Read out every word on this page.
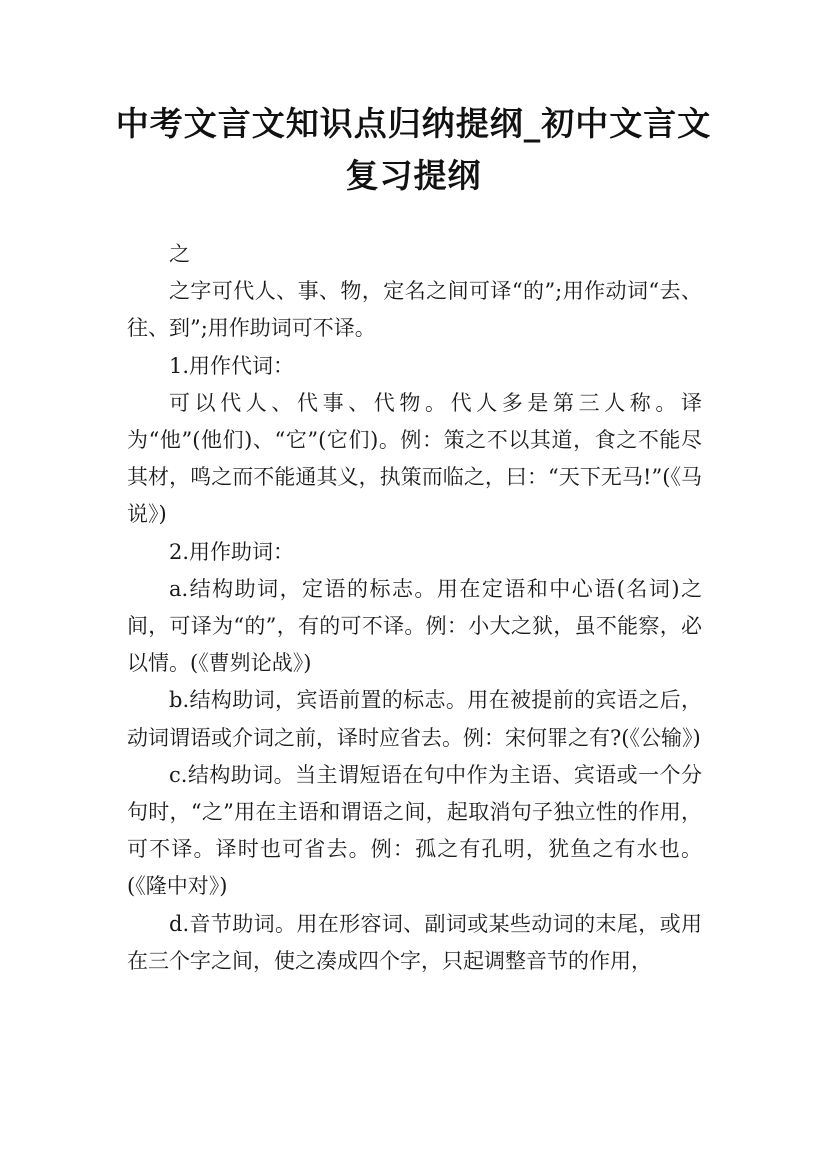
中考文言文知识点归纳提纲_初中文言文复习提纲

之

之字可代人、事、物，定名之间可译“的”;用作动词“去、往、到”;用作助词可不译。

1.用作代词：

可以代人、代事、代物。代人多是第三人称。译为“他”(他们)、“它”(它们)。例：策之不以其道，食之不能尽其材，鸣之而不能通其义，执策而临之，曰：“天下无马!”(《马说》)

2.用作助词：

a.结构助词，定语的标志。用在定语和中心语(名词)之间，可译为“的”，有的可不译。例：小大之狱，虽不能察，必以情。(《曹刿论战》)

b.结构助词，宾语前置的标志。用在被提前的宾语之后，动词谓语或介词之前，译时应省去。例：宋何罪之有?(《公输》)

c.结构助词。当主谓短语在句中作为主语、宾语或一个分句时，“之”用在主语和谓语之间，起取消句子独立性的作用，可不译。译时也可省去。例：孤之有孔明，犹鱼之有水也。(《隆中对》)

d.音节助词。用在形容词、副词或某些动词的末尾，或用在三个字之间，使之凑成四个字，只起调整音节的作用，
